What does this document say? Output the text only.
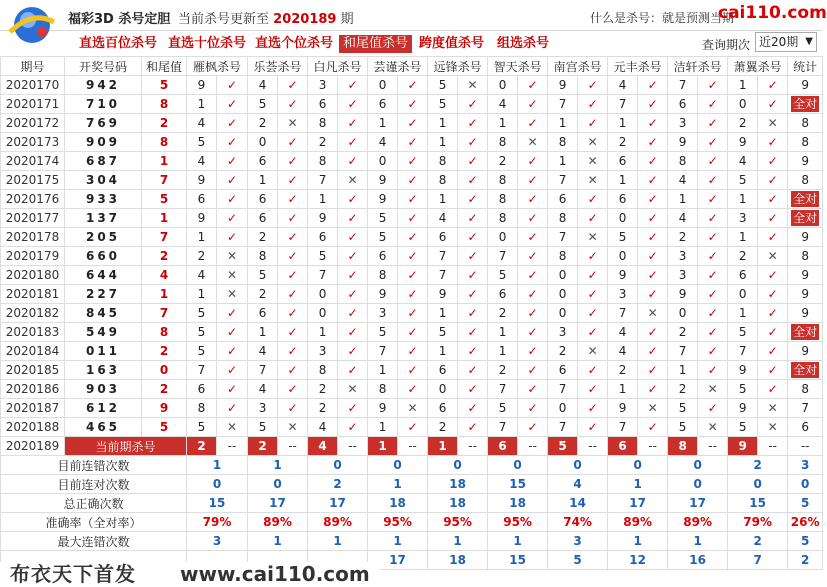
福彩3D 杀号定胆 当前杀号更新至 2020189 期	什么是杀号：就是预测当期
cai110.com
直选百位杀号 直选十位杀号 直选个位杀号 和尾值杀号 跨度值杀号 组选杀号	查询期次 近20期 ▼
期号	开奖号码	和尾值	雁枫杀号		乐荟杀号		白凡杀号		芸谨杀号		远锋杀号		智天杀号		南宫杀号		元丰杀号		洁轩杀号		萧翼杀号		统计
2020170	942	5	9	✓	4	✓	3	✓	0	✓	5	✕	0	✓	9	✓	4	✓	7	✓	1	✓	9
2020171	710	8	1	✓	5	✓	6	✓	6	✓	5	✓	4	✓	7	✓	7	✓	6	✓	0	✓	全对
2020172	769	2	4	✓	2	✕	8	✓	1	✓	1	✓	1	✓	1	✓	1	✓	3	✓	2	✕	8
2020173	909	8	5	✓	0	✓	2	✓	4	✓	1	✓	8	✕	8	✕	2	✓	9	✓	9	✓	8
2020174	687	1	4	✓	6	✓	8	✓	0	✓	8	✓	2	✓	1	✕	6	✓	8	✓	4	✓	9
2020175	304	7	9	✓	1	✓	7	✕	9	✓	8	✓	8	✓	7	✕	1	✓	4	✓	5	✓	8
2020176	933	5	6	✓	6	✓	1	✓	9	✓	1	✓	8	✓	6	✓	6	✓	1	✓	1	✓	全对
2020177	137	1	9	✓	6	✓	9	✓	5	✓	4	✓	8	✓	8	✓	0	✓	4	✓	3	✓	全对
2020178	205	7	1	✓	2	✓	6	✓	5	✓	6	✓	0	✓	7	✕	5	✓	2	✓	1	✓	9
2020179	660	2	2	✕	8	✓	5	✓	6	✓	7	✓	7	✓	8	✓	0	✓	3	✓	2	✕	8
2020180	644	4	4	✕	5	✓	7	✓	8	✓	7	✓	5	✓	0	✓	9	✓	3	✓	6	✓	9
2020181	227	1	1	✕	2	✓	0	✓	9	✓	9	✓	6	✓	0	✓	3	✓	9	✓	0	✓	9
2020182	845	7	5	✓	6	✓	0	✓	3	✓	1	✓	2	✓	0	✓	7	✕	0	✓	1	✓	9
2020183	549	8	5	✓	1	✓	1	✓	5	✓	5	✓	1	✓	3	✓	4	✓	2	✓	5	✓	全对
2020184	011	2	5	✓	4	✓	3	✓	7	✓	1	✓	1	✓	2	✕	4	✓	7	✓	7	✓	9
2020185	163	0	7	✓	7	✓	8	✓	1	✓	6	✓	2	✓	6	✓	2	✓	1	✓	9	✓	全对
2020186	903	2	6	✓	4	✓	2	✕	8	✓	0	✓	7	✓	7	✓	1	✓	2	✕	5	✓	8
2020187	612	9	8	✓	3	✓	2	✓	9	✕	6	✓	5	✓	0	✓	9	✕	5	✓	9	✕	7
2020188	465	5	5	✕	5	✕	4	✓	1	✓	2	✓	7	✓	7	✓	7	✓	5	✕	5	✕	6
2020189	当前期杀号		2	--	2	--	4	--	1	--	1	--	6	--	5	--	6	--	8	--	9	--	--
目前连错次数			1		1		0		0		0		0		0		0		0		2		3
目前连对次数			0		0		2		1		18		15		4		1		0		0		0
总正确次数			15		17		17		18		18		18		14		17		17		15		5
准确率（全对率）			79%		89%		89%		95%		95%		95%		74%		89%		89%		79%		26%
最大连错次数			3		1		1		1		1		1		3		1		1		2		5
									17		18		15		5		12		16		7		2
布衣天下首发	www.cai110.com
